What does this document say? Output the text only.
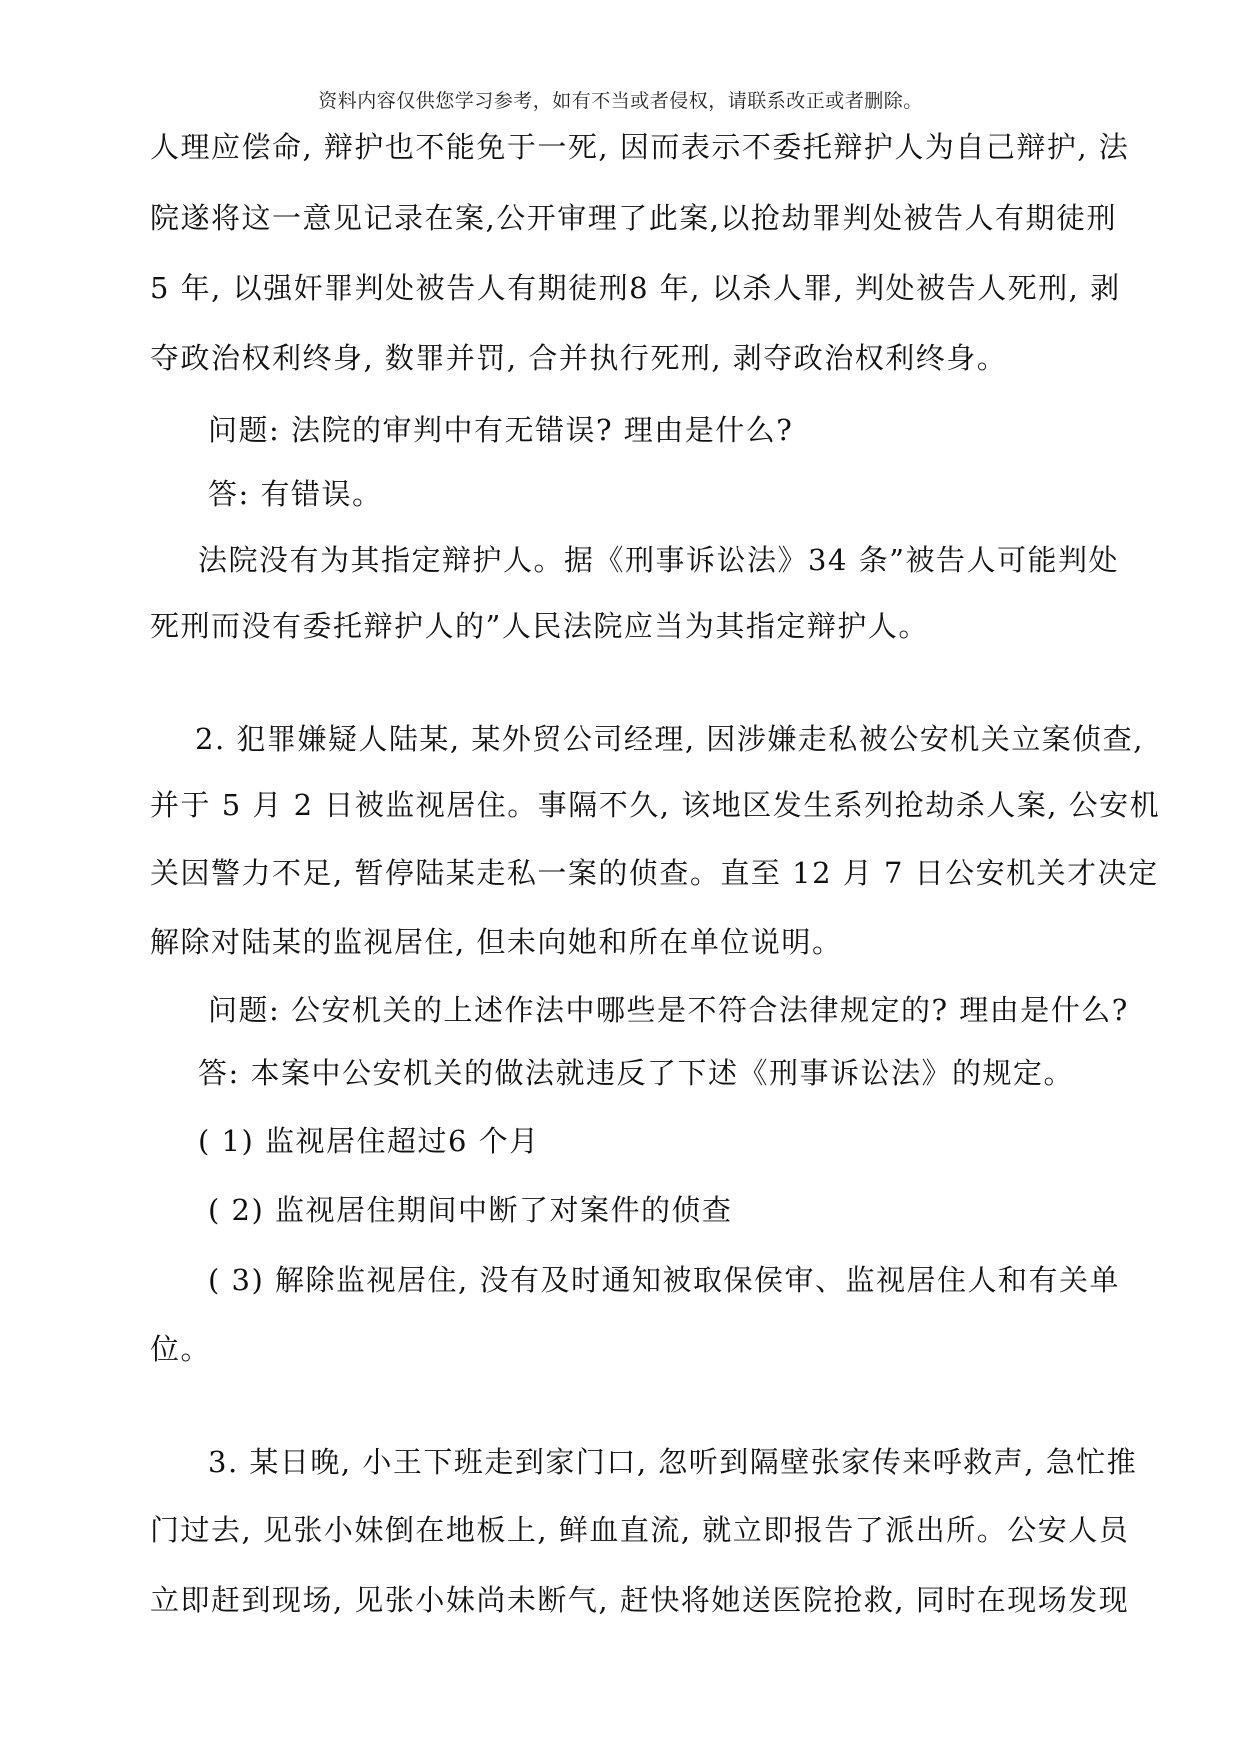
资料内容仅供您学习参考，如有不当或者侵权，请联系改正或者删除。
人理应偿命, 辩护也不能免于一死, 因而表示不委托辩护人为自己辩护, 法
院遂将这一意见记录在案,公开审理了此案,以抢劫罪判处被告人有期徒刑
5 年, 以强奸罪判处被告人有期徒刑8 年, 以杀人罪, 判处被告人死刑, 剥
夺政治权利终身, 数罪并罚, 合并执行死刑, 剥夺政治权利终身。
问题: 法院的审判中有无错误? 理由是什么?
答: 有错误。
法院没有为其指定辩护人。据《刑事诉讼法》34 条”被告人可能判处
死刑而没有委托辩护人的”人民法院应当为其指定辩护人。
2. 犯罪嫌疑人陆某, 某外贸公司经理, 因涉嫌走私被公安机关立案侦查,
并于 5 月 2 日被监视居住。事隔不久, 该地区发生系列抢劫杀人案, 公安机
关因警力不足, 暂停陆某走私一案的侦查。直至 12 月 7 日公安机关才决定
解除对陆某的监视居住, 但未向她和所在单位说明。
问题: 公安机关的上述作法中哪些是不符合法律规定的? 理由是什么?
答: 本案中公安机关的做法就违反了下述《刑事诉讼法》的规定。
( 1) 监视居住超过6 个月
( 2) 监视居住期间中断了对案件的侦查
( 3) 解除监视居住, 没有及时通知被取保侯审、监视居住人和有关单
位。
3. 某日晚, 小王下班走到家门口, 忽听到隔壁张家传来呼救声, 急忙推
门过去, 见张小妹倒在地板上, 鲜血直流, 就立即报告了派出所。公安人员
立即赶到现场, 见张小妹尚未断气, 赶快将她送医院抢救, 同时在现场发现
